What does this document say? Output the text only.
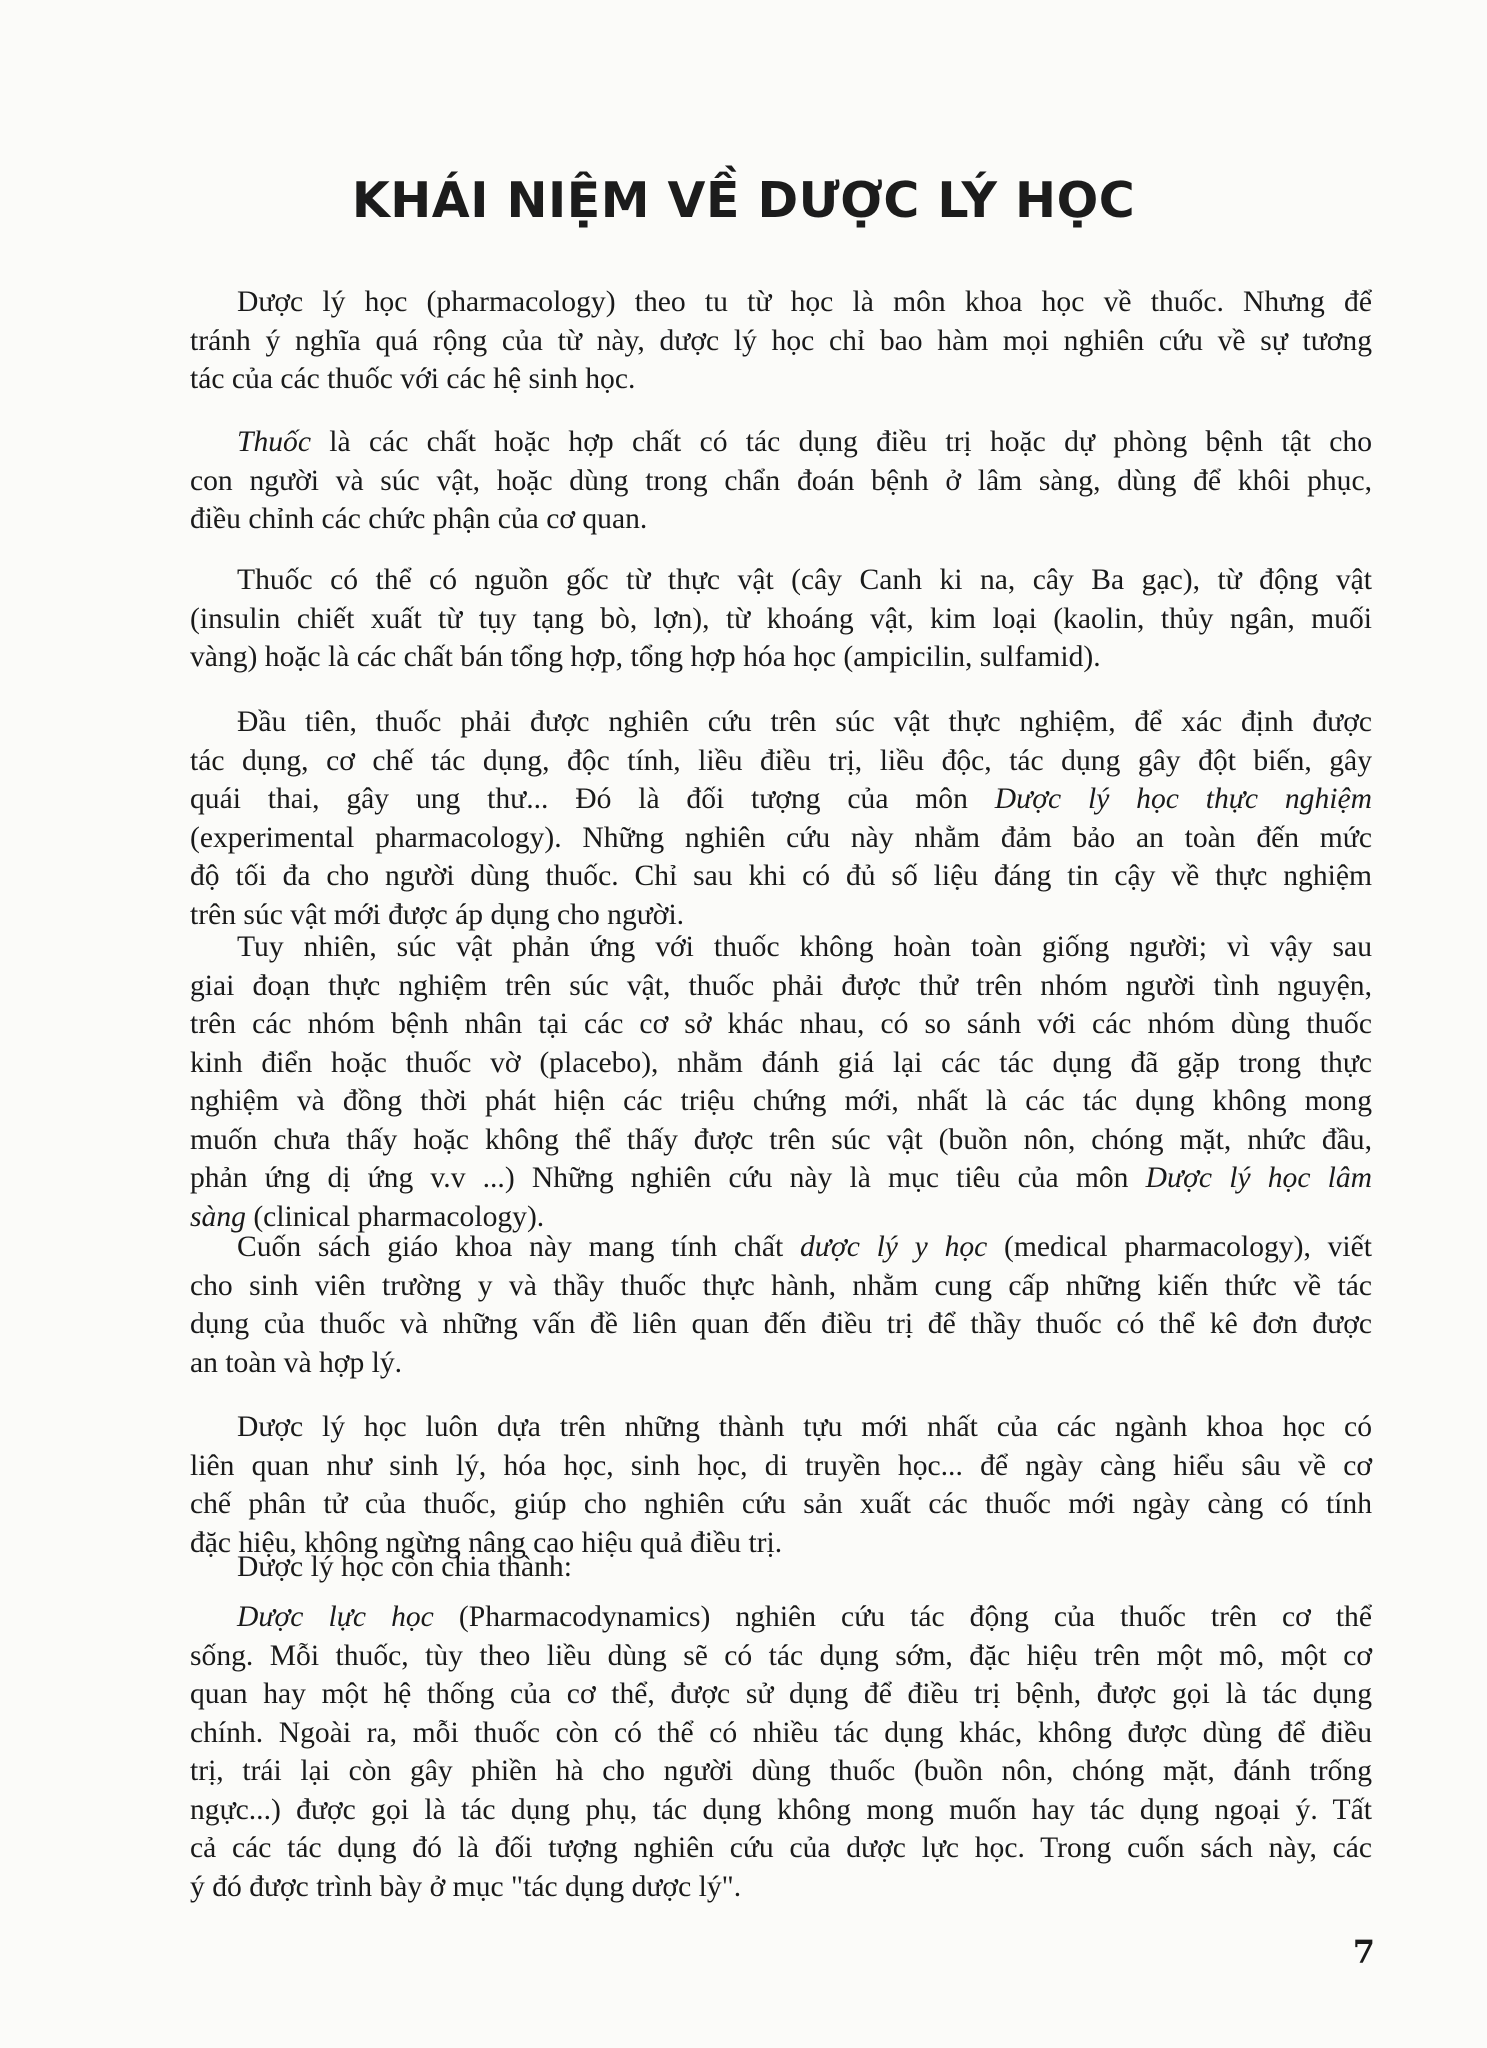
KHÁI NIỆM VỀ DƯỢC LÝ HỌC
Dược lý học (pharmacology) theo tu từ học là môn khoa học về thuốc. Nhưng để
tránh ý nghĩa quá rộng của từ này, dược lý học chỉ bao hàm mọi nghiên cứu về sự tương
tác của các thuốc với các hệ sinh học.
Thuốc là các chất hoặc hợp chất có tác dụng điều trị hoặc dự phòng bệnh tật cho
con người và súc vật, hoặc dùng trong chẩn đoán bệnh ở lâm sàng, dùng để khôi phục,
điều chỉnh các chức phận của cơ quan.
Thuốc có thể có nguồn gốc từ thực vật (cây Canh ki na, cây Ba gạc), từ động vật
(insulin chiết xuất từ tụy tạng bò, lợn), từ khoáng vật, kim loại (kaolin, thủy ngân, muối
vàng) hoặc là các chất bán tổng hợp, tổng hợp hóa học (ampicilin, sulfamid).
Đầu tiên, thuốc phải được nghiên cứu trên súc vật thực nghiệm, để xác định được
tác dụng, cơ chế tác dụng, độc tính, liều điều trị, liều độc, tác dụng gây đột biến, gây
quái thai, gây ung thư... Đó là đối tượng của môn Dược lý học thực nghiệm
(experimental pharmacology). Những nghiên cứu này nhằm đảm bảo an toàn đến mức
độ tối đa cho người dùng thuốc. Chỉ sau khi có đủ số liệu đáng tin cậy về thực nghiệm
trên súc vật mới được áp dụng cho người.
Tuy nhiên, súc vật phản ứng với thuốc không hoàn toàn giống người; vì vậy sau
giai đoạn thực nghiệm trên súc vật, thuốc phải được thử trên nhóm người tình nguyện,
trên các nhóm bệnh nhân tại các cơ sở khác nhau, có so sánh với các nhóm dùng thuốc
kinh điển hoặc thuốc vờ (placebo), nhằm đánh giá lại các tác dụng đã gặp trong thực
nghiệm và đồng thời phát hiện các triệu chứng mới, nhất là các tác dụng không mong
muốn chưa thấy hoặc không thể thấy được trên súc vật (buồn nôn, chóng mặt, nhức đầu,
phản ứng dị ứng v.v ...) Những nghiên cứu này là mục tiêu của môn Dược lý học lâm
sàng (clinical pharmacology).
Cuốn sách giáo khoa này mang tính chất dược lý y học (medical pharmacology), viết
cho sinh viên trường y và thầy thuốc thực hành, nhằm cung cấp những kiến thức về tác
dụng của thuốc và những vấn đề liên quan đến điều trị để thầy thuốc có thể kê đơn được
an toàn và hợp lý.
Dược lý học luôn dựa trên những thành tựu mới nhất của các ngành khoa học có
liên quan như sinh lý, hóa học, sinh học, di truyền học... để ngày càng hiểu sâu về cơ
chế phân tử của thuốc, giúp cho nghiên cứu sản xuất các thuốc mới ngày càng có tính
đặc hiệu, không ngừng nâng cao hiệu quả điều trị.
Dược lý học còn chia thành:
Dược lực học (Pharmacodynamics) nghiên cứu tác động của thuốc trên cơ thể
sống. Mỗi thuốc, tùy theo liều dùng sẽ có tác dụng sớm, đặc hiệu trên một mô, một cơ
quan hay một hệ thống của cơ thể, được sử dụng để điều trị bệnh, được gọi là tác dụng
chính. Ngoài ra, mỗi thuốc còn có thể có nhiều tác dụng khác, không được dùng để điều
trị, trái lại còn gây phiền hà cho người dùng thuốc (buồn nôn, chóng mặt, đánh trống
ngực...) được gọi là tác dụng phụ, tác dụng không mong muốn hay tác dụng ngoại ý. Tất
cả các tác dụng đó là đối tượng nghiên cứu của dược lực học. Trong cuốn sách này, các
ý đó được trình bày ở mục "tác dụng dược lý".
7
